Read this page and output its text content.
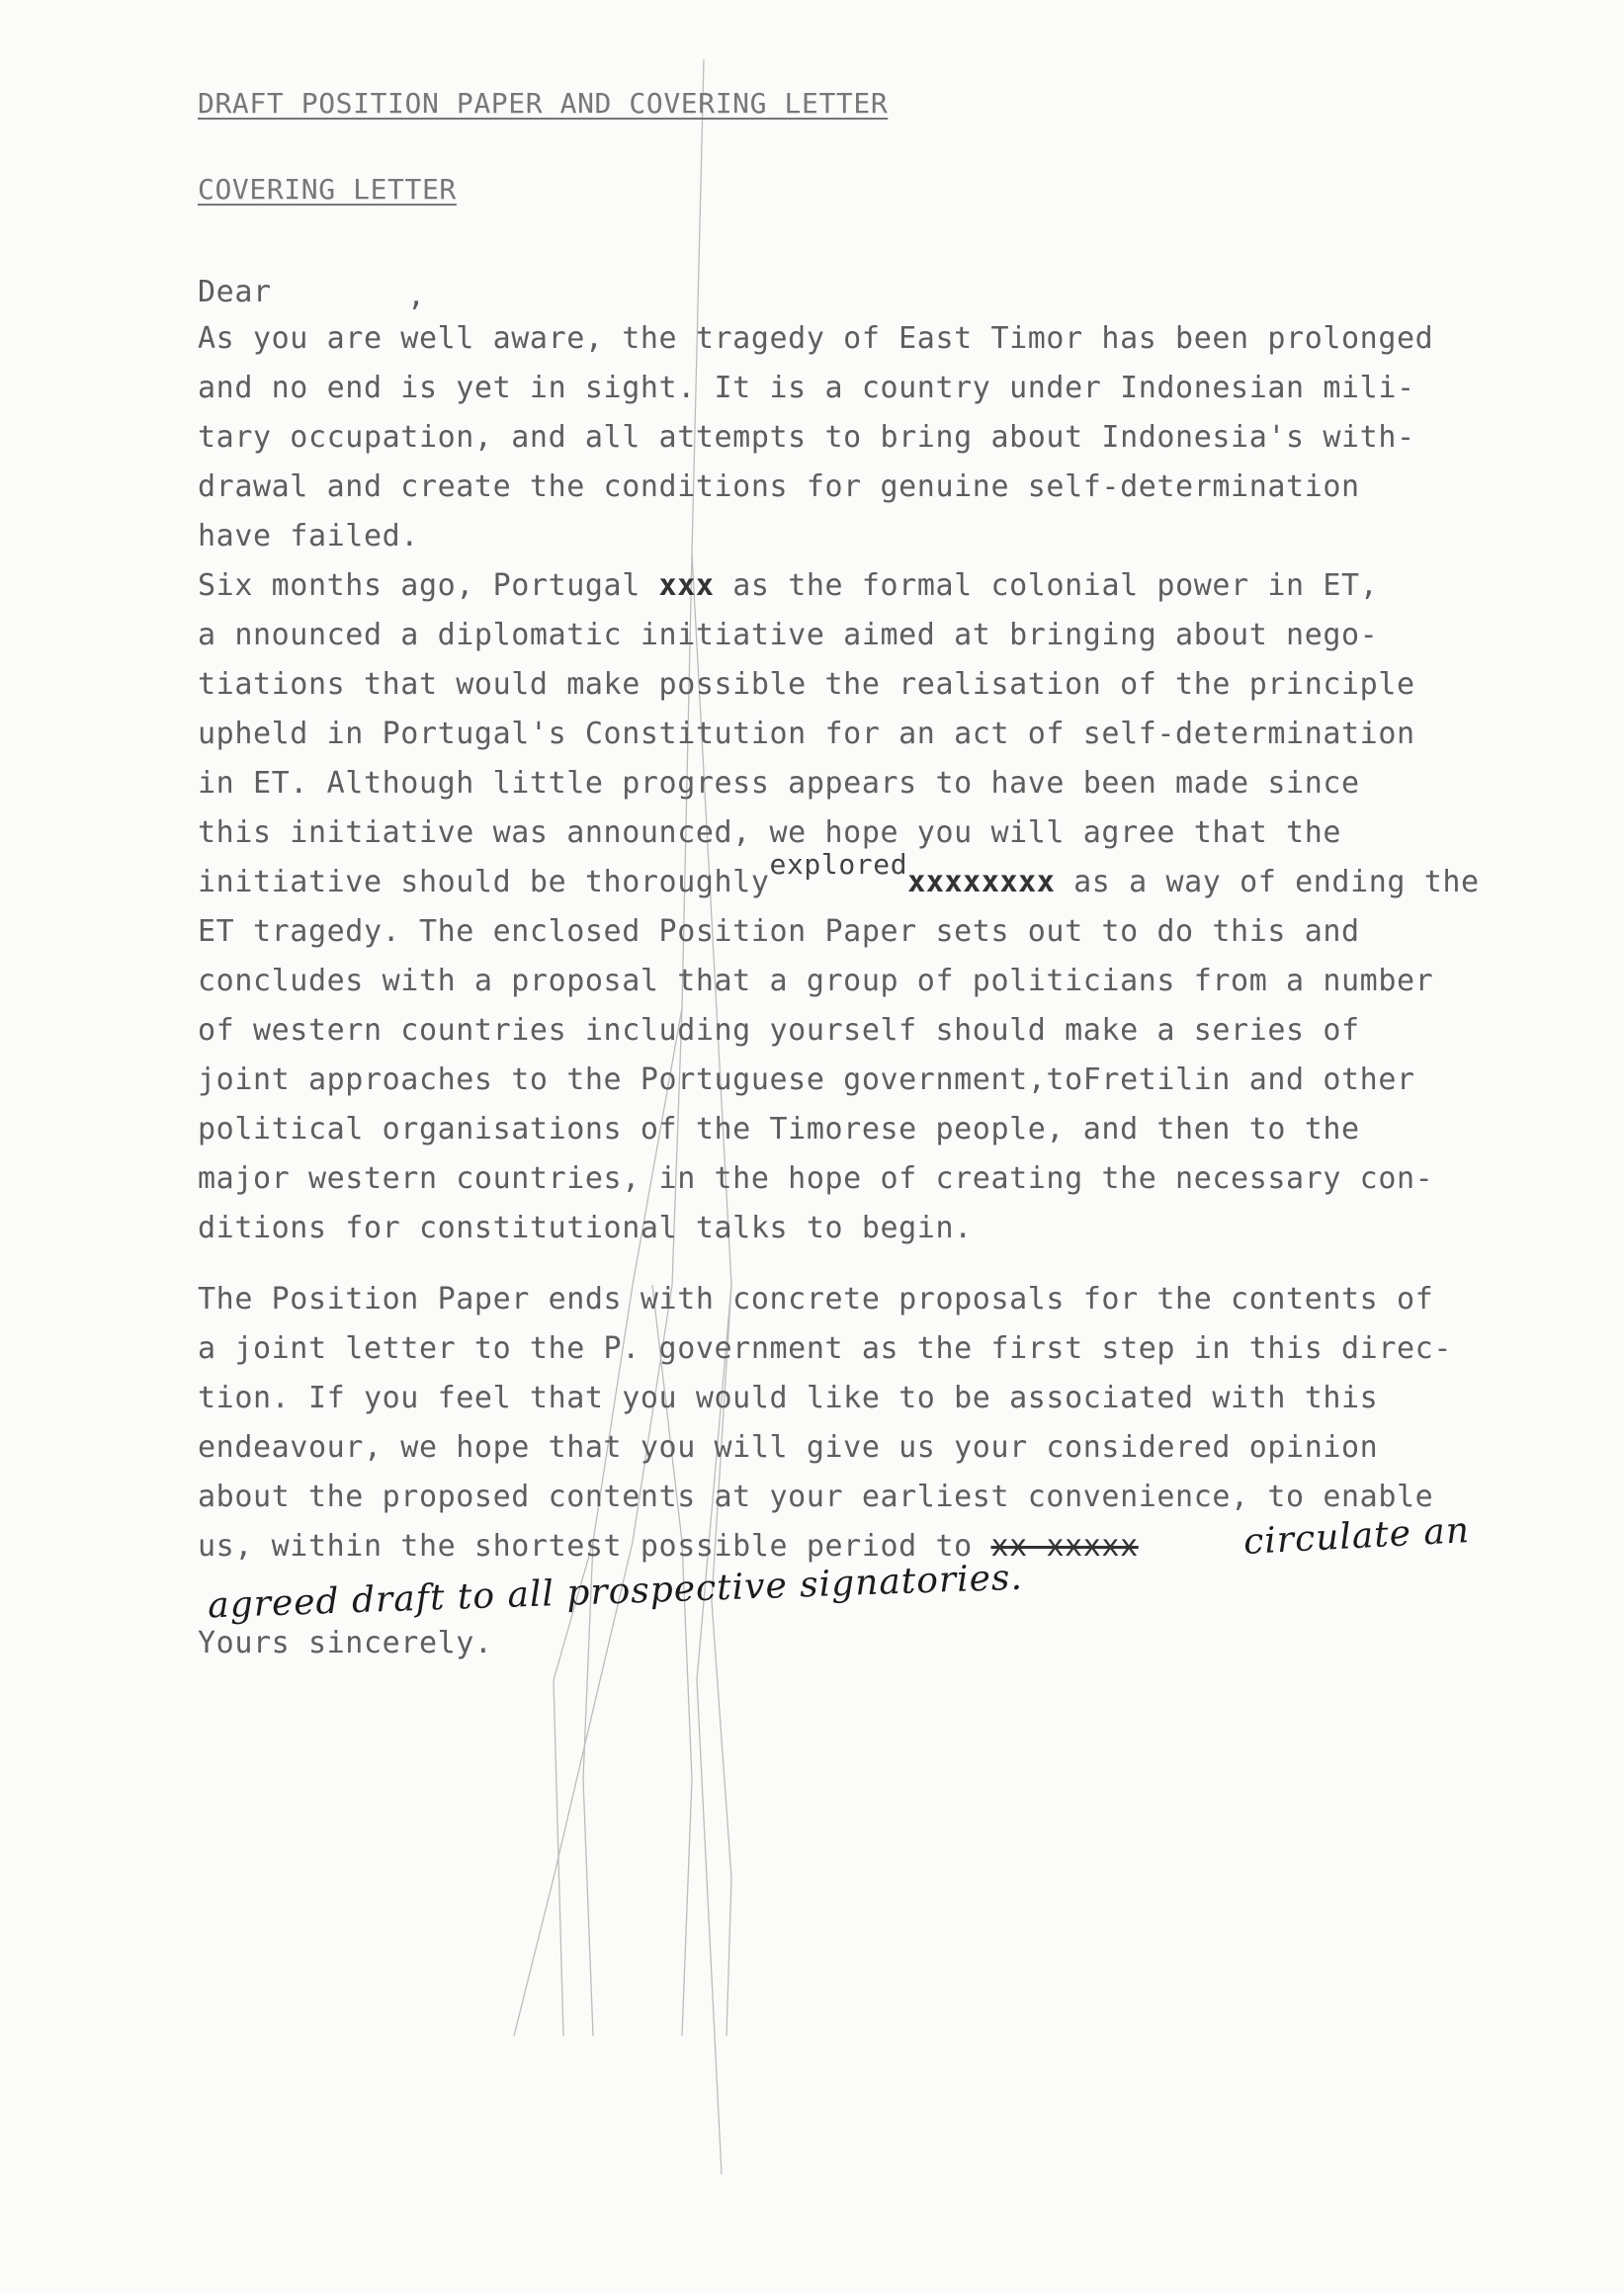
DRAFT POSITION PAPER AND COVERING LETTER
COVERING LETTER
Dear	,
As you are well aware, the tragedy of East Timor has been prolonged
and no end is yet in sight. It is a country under Indonesian mili-
tary occupation, and all attempts to bring about Indonesia's with-
drawal and create the conditions for genuine self-determination
have failed.
Six months ago, Portugal xxx as the formal colonial power in ET,
a nnounced a diplomatic initiative aimed at bringing about nego-
tiations that would make possible the realisation of the principle
upheld in Portugal's Constitution for an act of self-determination
in ET. Although little progress appears to have been made since
this initiative was announced, we hope you will agree that the
initiative should be thoroughlyexploredxxxxxxxx as a way of ending the
ET tragedy. The enclosed Position Paper sets out to do this and
concludes with a proposal that a group of politicians from a number
of western countries including yourself should make a series of
joint approaches to the Portuguese government,toFretilin and other
political organisations of the Timorese people, and then to the
major western countries, in the hope of creating the necessary con-
ditions for constitutional talks to begin.
The Position Paper ends with concrete proposals for the contents of
a joint letter to the P. government as the first step in this direc-
tion. If you feel that you would like to be associated with this
endeavour, we hope that you will give us your considered opinion
about the proposed contents at your earliest convenience, to enable
us, within the shortest possible period to xx xxxxx	circulate an
agreed draft to all prospective signatories.
Yours sincerely.
